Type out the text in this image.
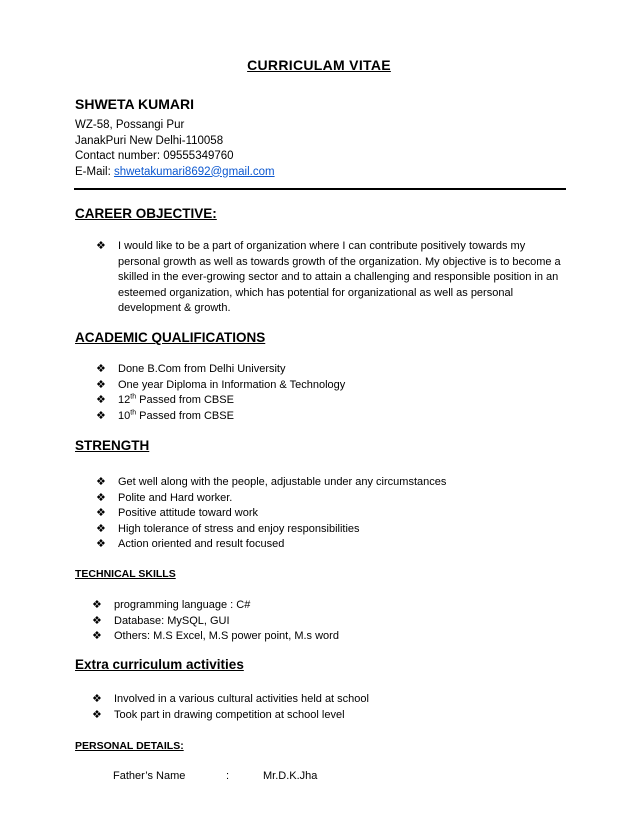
CURRICULAM VITAE
SHWETA KUMARI
WZ-58, Possangi Pur
JanakPuri New Delhi-110058
Contact number: 09555349760
E-Mail: shwetakumari8692@gmail.com
CAREER OBJECTIVE:
❖ I would like to be a part of organization where I can contribute positively towards my personal growth as well as towards growth of the organization. My objective is to become a skilled in the ever-growing sector and to attain a challenging and responsible position in an esteemed organization, which has potential for organizational as well as personal development & growth.
ACADEMIC QUALIFICATIONS
❖ Done B.Com from Delhi University
❖ One year Diploma in Information & Technology
❖ 12th Passed from CBSE
❖ 10th Passed from CBSE
STRENGTH
❖ Get well along with the people, adjustable under any circumstances
❖ Polite and Hard worker.
❖ Positive attitude toward work
❖ High tolerance of stress and enjoy responsibilities
❖ Action oriented and result focused
TECHNICAL SKILLS
❖ programming language : C#
❖ Database: MySQL, GUI
❖ Others: M.S Excel, M.S power point, M.s word
Extra curriculum activities
❖ Involved in a various cultural activities held at school
❖ Took part in drawing competition at school level
PERSONAL DETAILS:
Father’s Name	:	Mr.D.K.Jha
